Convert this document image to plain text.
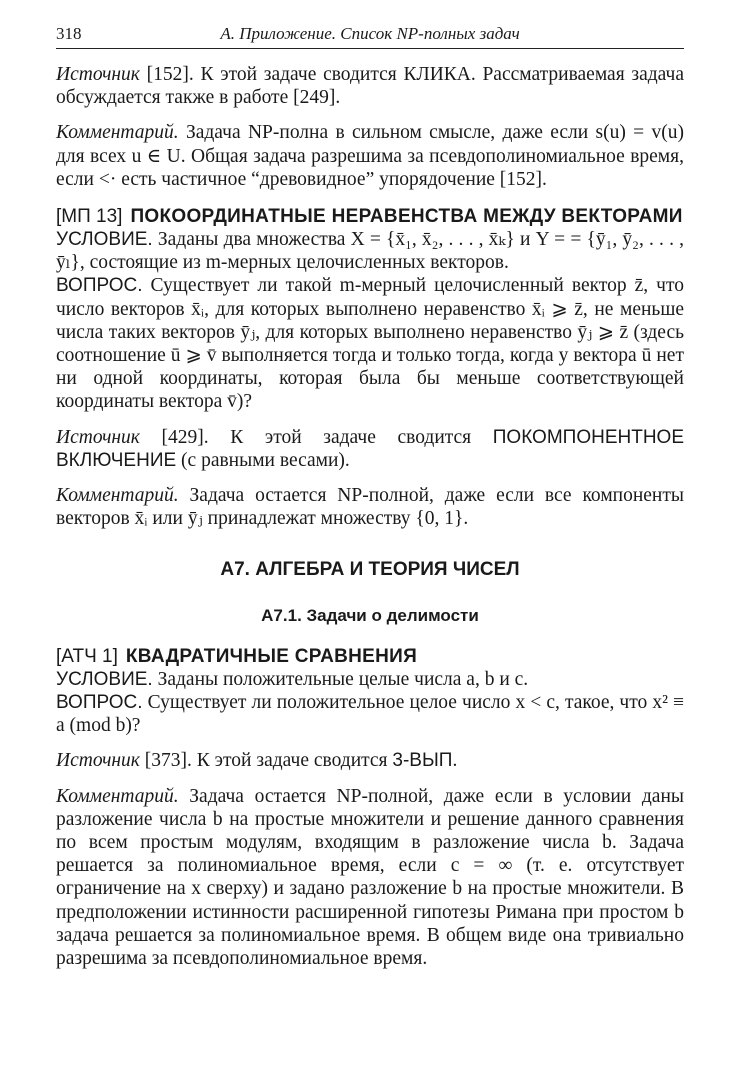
318	А. Приложение. Список NP-полных задач

Источник [152]. К этой задаче сводится КЛИКА. Рассматриваемая задача обсуждается также в работе [249].

Комментарий. Задача NP-полна в сильном смысле, даже если s(u) = v(u) для всех u ∈ U. Общая задача разрешима за псевдополиномиальное время, если <· есть частичное “древовидное” упорядочение [152].

[МП 13] ПОКООРДИНАТНЫЕ НЕРАВЕНСТВА МЕЖДУ ВЕКТОРАМИ

УСЛОВИЕ. Заданы два множества X = {x̄₁, x̄₂, . . . , x̄ₖ} и Y = = {ȳ₁, ȳ₂, . . . , ȳₗ}, состоящие из m-мерных целочисленных векторов.

ВОПРОС. Существует ли такой m-мерный целочисленный вектор z̄, что число векторов x̄ᵢ, для которых выполнено неравенство x̄ᵢ ⩾ z̄, не меньше числа таких векторов ȳⱼ, для которых выполнено неравенство ȳⱼ ⩾ z̄ (здесь соотношение ū ⩾ v̄ выполняется тогда и только тогда, когда у вектора ū нет ни одной координаты, которая была бы меньше соответствующей координаты вектора v̄)?

Источник [429]. К этой задаче сводится ПОКОМПОНЕНТНОЕ ВКЛЮЧЕНИЕ (с равными весами).

Комментарий. Задача остается NP-полной, даже если все компоненты векторов x̄ᵢ или ȳⱼ принадлежат множеству {0, 1}.

А7. АЛГЕБРА И ТЕОРИЯ ЧИСЕЛ
А7.1. Задачи о делимости
[АТЧ 1] КВАДРАТИЧНЫЕ СРАВНЕНИЯ

УСЛОВИЕ. Заданы положительные целые числа a, b и c.

ВОПРОС. Существует ли положительное целое число x < c, такое, что x² ≡ a (mod b)?

Источник [373]. К этой задаче сводится 3-ВЫП.

Комментарий. Задача остается NP-полной, даже если в условии даны разложение числа b на простые множители и решение данного сравнения по всем простым модулям, входящим в разложение числа b. Задача решается за полиномиальное время, если c = ∞ (т. е. отсутствует ограничение на x сверху) и задано разложение b на простые множители. В предположении истинности расширенной гипотезы Римана при простом b задача решается за полиномиальное время. В общем виде она тривиально разрешима за псевдополиномиальное время.
